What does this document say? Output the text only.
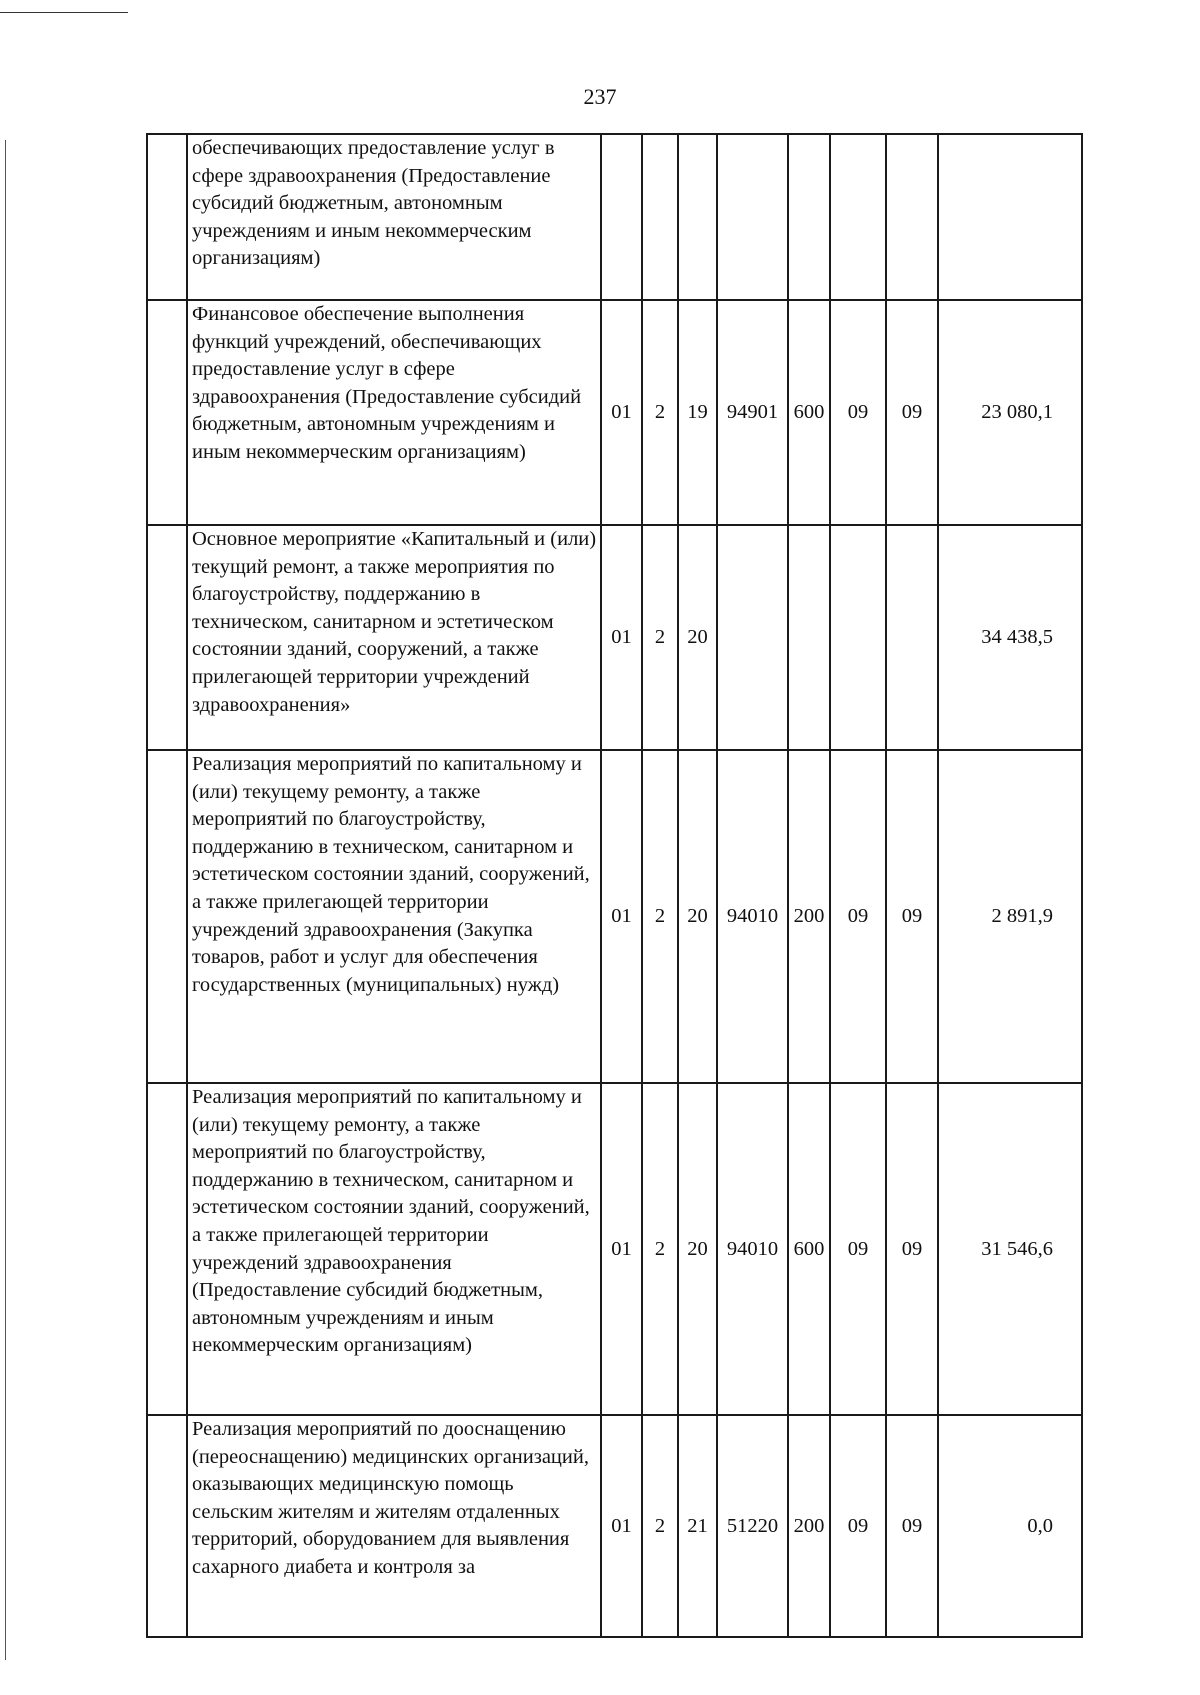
237
	обеспечивающих предоставление услуг в сфере здравоохранения (Предоставление субсидий бюджетным, автономным учреждениям и иным некоммерческим организациям)								
	Финансовое обеспечение выполнения функций учреждений, обеспечивающих предоставление услуг в сфере здравоохранения (Предоставление субсидий бюджетным, автономным учреждениям и иным некоммерческим организациям)	01	2	19	94901	600	09	09	23 080,1
	Основное мероприятие «Капитальный и (или) текущий ремонт, а также мероприятия по благоустройству, поддержанию в техническом, санитарном и эстетическом состоянии зданий, сооружений, а также прилегающей территории учреждений здравоохранения»	01	2	20					34 438,5
	Реализация мероприятий по капитальному и (или) текущему ремонту, а также мероприятий по благоустройству, поддержанию в техническом, санитарном и эстетическом состоянии зданий, сооружений, а также прилегающей территории учреждений здравоохранения (Закупка товаров, работ и услуг для обеспечения государственных (муниципальных) нужд)	01	2	20	94010	200	09	09	2 891,9
	Реализация мероприятий по капитальному и (или) текущему ремонту, а также мероприятий по благоустройству, поддержанию в техническом, санитарном и эстетическом состоянии зданий, сооружений, а также прилегающей территории учреждений здравоохранения (Предоставление субсидий бюджетным, автономным учреждениям и иным некоммерческим организациям)	01	2	20	94010	600	09	09	31 546,6
	Реализация мероприятий по дооснащению (переоснащению) медицинских организаций, оказывающих медицинскую помощь сельским жителям и жителям отдаленных территорий, оборудованием для выявления сахарного диабета и контроля за	01	2	21	51220	200	09	09	0,0
